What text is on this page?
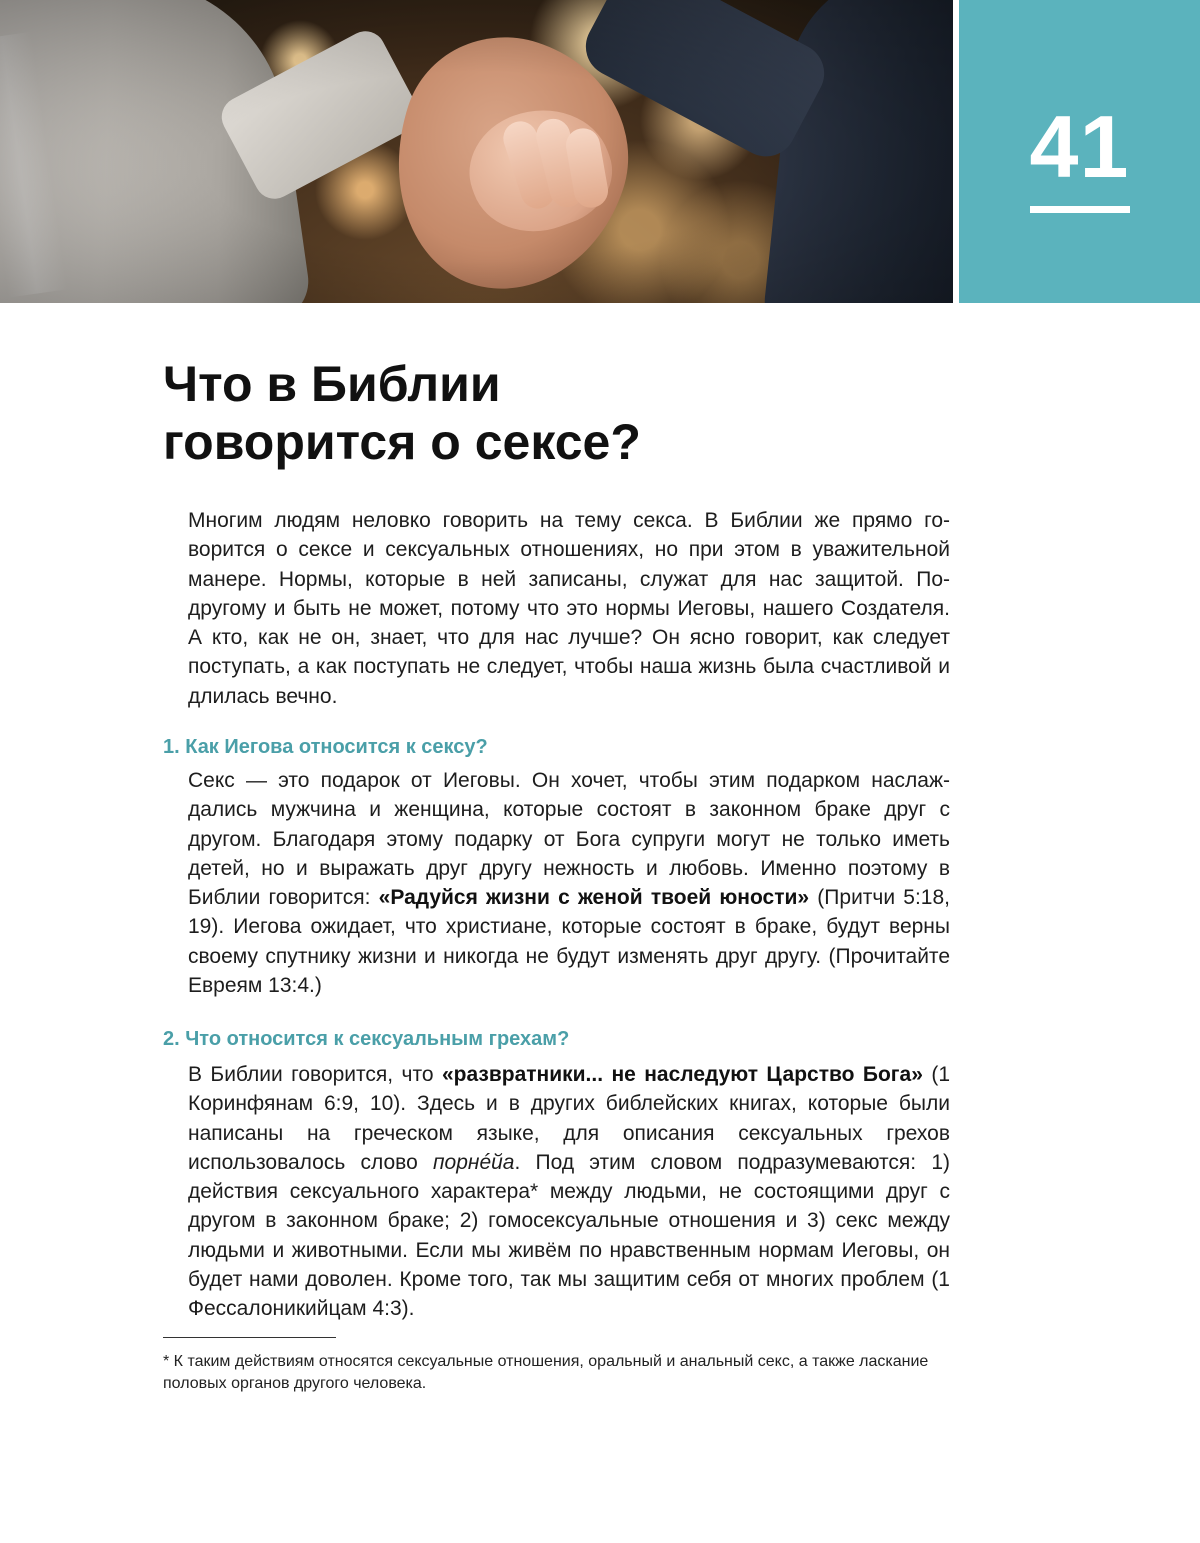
41
Что в Библии
говорится о сексе?

Многим людям неловко говорить на тему секса. В Библии же прямо говорится о сексе и сексуальных отношениях, но при этом в уважительной манере. Нормы, которые в ней записаны, служат для нас защитой. По-другому и быть не может, потому что это нормы Иеговы, нашего Создателя. А кто, как не он, знает, что для нас лучше? Он ясно говорит, как следует поступать, а как поступать не следует, чтобы наша жизнь была счастливой и длилась вечно.

1. Как Иегова относится к сексу?

Секс — это подарок от Иеговы. Он хочет, чтобы этим подарком наслаждались мужчина и женщина, которые состоят в законном браке друг с другом. Благодаря этому подарку от Бога супруги могут не только иметь детей, но и выражать друг другу нежность и любовь. Именно поэтому в Библии говорится: «Радуйся жизни с женой твоей юности» (Притчи 5:18, 19). Иегова ожидает, что христиане, которые состоят в браке, будут верны своему спутнику жизни и никогда не будут изменять друг другу. (Прочитайте Евреям 13:4.)

2. Что относится к сексуальным грехам?

В Библии говорится, что «развратники... не наследуют Царство Бога» (1 Коринфянам 6:9, 10). Здесь и в других библейских книгах, которые были написаны на греческом языке, для описания сексуальных грехов использовалось слово порнéйа. Под этим словом подразумеваются: 1) действия сексуального характера* между людьми, не состоящими друг с другом в законном браке; 2) гомосексуальные отношения и 3) секс между людьми и животными. Если мы живём по нравственным нормам Иеговы, он будет нами доволен. Кроме того, так мы защитим себя от многих проблем (1 Фессалоникийцам 4:3).

* К таким действиям относятся сексуальные отношения, оральный и анальный секс, а также ласкание половых органов другого человека.
